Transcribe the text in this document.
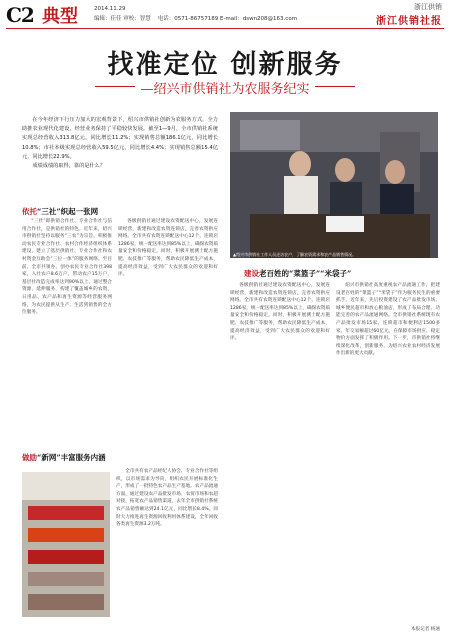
C2 典型	2014.11.29
编辑：佳佳 审校：智慧 电话：0571-86757189 E-mail：dswn208@163.com
浙江供销
浙江供销社报
找准定位 创新服务
—绍兴市供销社为农服务纪实

在今年经济下行压力加大的宏观背景下，绍兴市供销社创新为农服务方式，全力助推农业现代化建设，经营业务保持了平稳较快发展。截至1—9月，全市供销社系统实现总经营收入313.8亿元，同比增长11.2%；实现销售总额186.1亿元，同比增长10.8%；市社本级实现总经营收入59.5亿元，同比增长4.4%；实现销售总额15.4亿元，同比增长22.9%。

成绩成绩的取得，靠的是什么？

▲绍兴市供销社工作人员走访农户，了解农资需求和农产品销售情况。
依托“三社”织起一张网

“三社”即供销合作社、专业合作社与信用合作社，是供销社的特色。近年来，绍兴市供销社坚持以服务“三农”为宗旨，积极推动农民专业合作社、农村合作经济组织体系建设，建立了基层供销社、专业合作社和农村资金互助会“三位一体”的服务网络。至目前，全市共领办、创办农民专业合作社398家，入社农户8.6万户，带动农户15万户，基层社改造完成率达到90%以上。通过整合资源，延伸服务，构建了覆盖城乡的农资、日用品、农产品和再生资源等经营服务网络，为农民提供从生产、生活到销售的全方位服务。

各级供销社通过建设农资配送中心，发展连锁经营，新建和改造农资连锁店，完善农资供应网络。全市共有农资连锁配送中心12个、连锁店1286家，统一配送率达到85%以上，确保农资质量安全和价格稳定。同时，积极开展测土配方施肥、农技推广等服务，帮助农民降低生产成本，提高经济效益，受到广大农民群众的欢迎和好评。

做励“新网”丰富服务内涵

全市共有农产品经纪人协会、专业合作社等组织，以市场需求为导向，组织农民开展标准化生产，形成了一批特色农产品生产基地。农产品流通方面，通过建设农产品批发市场、农贸市场和农超对接，拓宽农产品销售渠道，去年全市供销社系统农产品销售额达到24.1亿元，同比增长8.4%。同时大力推进再生资源回收利用体系建设，全年回收各类再生资源3.2万吨。

建设老百姓的“菜篮子”“米袋子”

各级供销社通过建设农资配送中心，发展连锁经营，新建和改造农资连锁店，完善农资供应网络。全市共有农资连锁配送中心12个、连锁店1286家，统一配送率达到85%以上，确保农资质量安全和价格稳定。同时，积极开展测土配方施肥、农技推广等服务，帮助农民降低生产成本，提高经济效益，受到广大农民群众的欢迎和好评。

绍兴市供销社高度重视农产品流通工作，把建设老百姓的“菜篮子”“米袋子”作为服务民生的重要抓手。近年来，先后投资建设了农产品批发市场、城乡便民超市和放心粮油店，形成了布局合理、功能完善的农产品流通网络。全市供销社系统现有农产品批发市场15家、连锁超市和便利店1500多家，年交易额超过60亿元，在保障市场供应、稳定物价方面发挥了积极作用。下一步，市供销社将继续深化改革，创新服务，为绍兴农业农村经济发展作出新的更大贡献。

本报记者 杨通
